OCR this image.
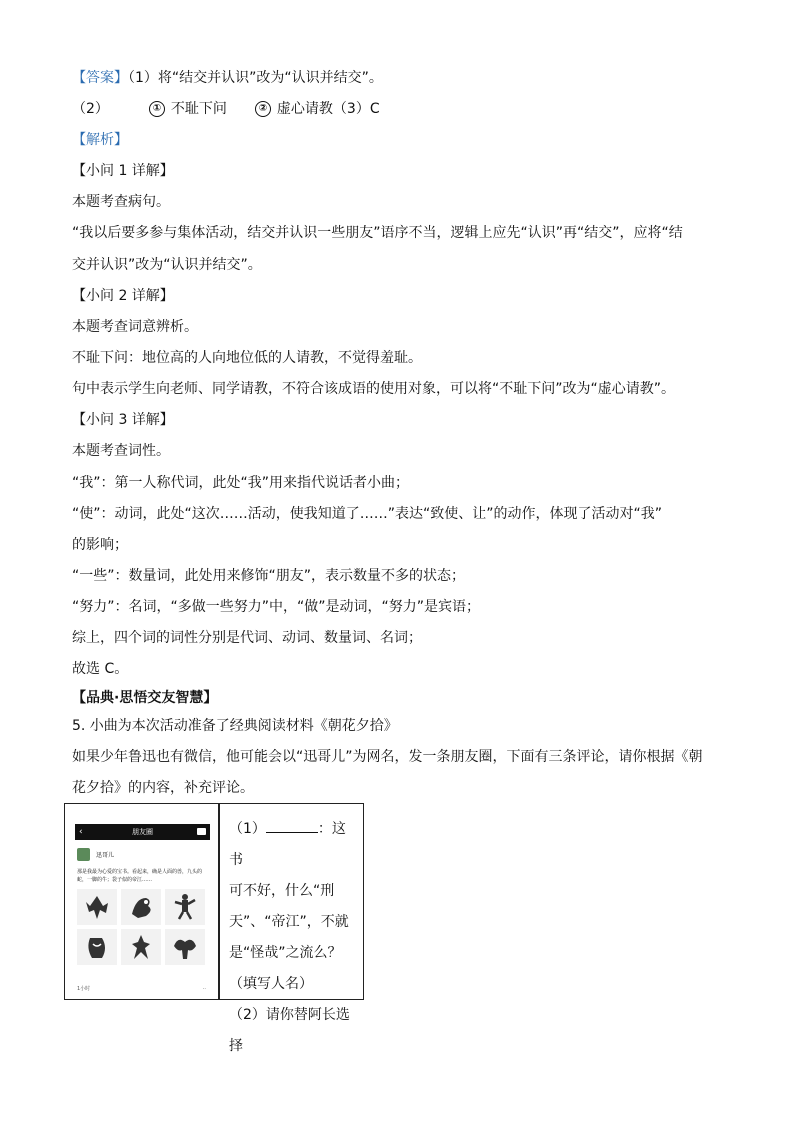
【答案】（1）将“结交并认识”改为“认识并结交”。
（2）	① 不耻下问	② 虚心请教（3）C
【解析】
【小问 1 详解】
本题考查病句。
“我以后要多参与集体活动，结交并认识一些朋友”语序不当，逻辑上应先“认识”再“结交”，应将“结
交并认识”改为“认识并结交”。
【小问 2 详解】
本题考查词意辨析。
不耻下问：地位高的人向地位低的人请教，不觉得羞耻。
句中表示学生向老师、同学请教，不符合该成语的使用对象，可以将“不耻下问”改为“虚心请教”。
【小问 3 详解】
本题考查词性。
“我”：第一人称代词，此处“我”用来指代说话者小曲；
“使”：动词，此处“这次……活动，使我知道了……”表达“致使、让”的动作，体现了活动对“我”
的影响；
“一些”：数量词，此处用来修饰“朋友”，表示数量不多的状态；
“努力”：名词，“多做一些努力”中，“做”是动词，“努力”是宾语；
综上，四个词的词性分别是代词、动词、数量词、名词；
故选 C。
【品典·思悟交友智慧】
5. 小曲为本次活动准备了经典阅读材料《朝花夕拾》
如果少年鲁迅也有微信，他可能会以“迅哥儿”为网名，发一条朋友圈，下面有三条评论，请你根据《朝
花夕拾》的内容，补充评论。
‹	朋友圈
迅哥儿
那是我最为心爱的宝书。看起来，确是人面的兽，九头的蛇，一脚的牛；袋子似的帝江……
1小时	··
（1）	：这书
可不好，什么“刑
天”、“帝江”，不就
是“怪哉”之流么？
（填写人名）
（2）请你替阿长选择
